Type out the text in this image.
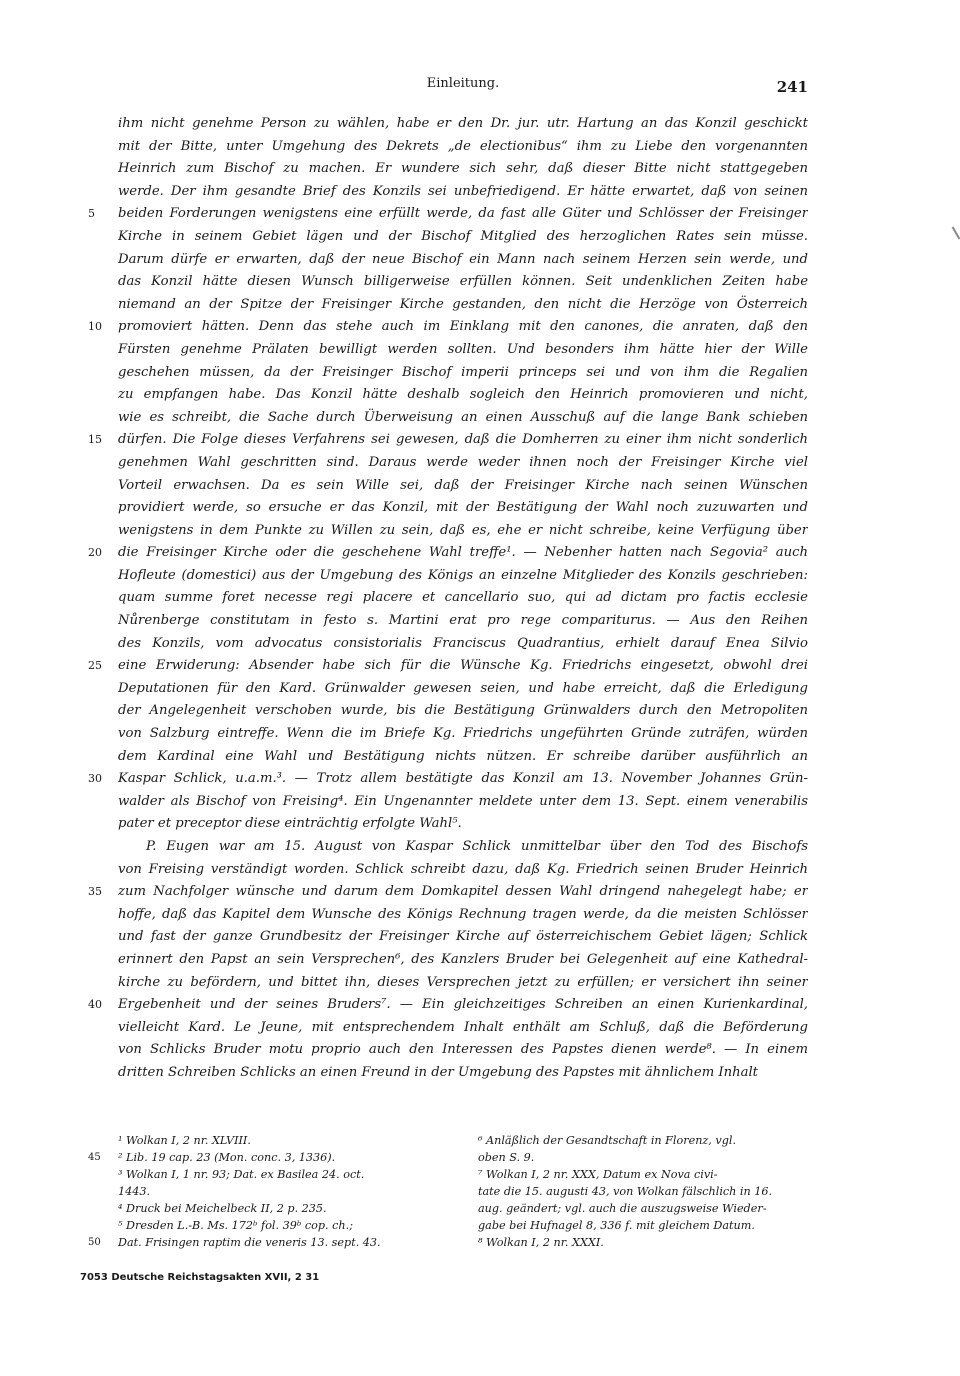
Einleitung.	241
ihm nicht genehme Person zu wählen, habe er den Dr. jur. utr. Hartung an das Konzil geschickt
mit der Bitte, unter Umgehung des Dekrets „de electionibus“ ihm zu Liebe den vorgenannten
Heinrich zum Bischof zu machen. Er wundere sich sehr, daß dieser Bitte nicht stattgegeben
werde. Der ihm gesandte Brief des Konzils sei unbefriedigend. Er hätte erwartet, daß von seinen
beiden Forderungen wenigstens eine erfüllt werde, da fast alle Güter und Schlösser der Freisinger
Kirche in seinem Gebiet lägen und der Bischof Mitglied des herzoglichen Rates sein müsse.
Darum dürfe er erwarten, daß der neue Bischof ein Mann nach seinem Herzen sein werde, und
das Konzil hätte diesen Wunsch billigerweise erfüllen können. Seit undenklichen Zeiten habe
niemand an der Spitze der Freisinger Kirche gestanden, den nicht die Herzöge von Österreich
promoviert hätten. Denn das stehe auch im Einklang mit den canones, die anraten, daß den
Fürsten genehme Prälaten bewilligt werden sollten. Und besonders ihm hätte hier der Wille
geschehen müssen, da der Freisinger Bischof imperii princeps sei und von ihm die Regalien
zu empfangen habe. Das Konzil hätte deshalb sogleich den Heinrich promovieren und nicht,
wie es schreibt, die Sache durch Überweisung an einen Ausschuß auf die lange Bank schieben
dürfen. Die Folge dieses Verfahrens sei gewesen, daß die Domherren zu einer ihm nicht sonderlich
genehmen Wahl geschritten sind. Daraus werde weder ihnen noch der Freisinger Kirche viel
Vorteil erwachsen. Da es sein Wille sei, daß der Freisinger Kirche nach seinen Wünschen
providiert werde, so ersuche er das Konzil, mit der Bestätigung der Wahl noch zuzuwarten und
wenigstens in dem Punkte zu Willen zu sein, daß es, ehe er nicht schreibe, keine Verfügung über
die Freisinger Kirche oder die geschehene Wahl treffe¹. — Nebenher hatten nach Segovia² auch
Hofleute (domestici) aus der Umgebung des Königs an einzelne Mitglieder des Konzils geschrieben:
quam summe foret necesse regi placere et cancellario suo, qui ad dictam pro factis ecclesie
Nůrenberge constitutam in festo s. Martini erat pro rege compariturus. — Aus den Reihen
des Konzils, vom advocatus consistorialis Franciscus Quadrantius, erhielt darauf Enea Silvio
eine Erwiderung: Absender habe sich für die Wünsche Kg. Friedrichs eingesetzt, obwohl drei
Deputationen für den Kard. Grünwalder gewesen seien, und habe erreicht, daß die Erledigung
der Angelegenheit verschoben wurde, bis die Bestätigung Grünwalders durch den Metropoliten
von Salzburg eintreffe. Wenn die im Briefe Kg. Friedrichs ungeführten Gründe zuträfen, würden
dem Kardinal eine Wahl und Bestätigung nichts nützen. Er schreibe darüber ausführlich an
Kaspar Schlick, u.a.m.³. — Trotz allem bestätigte das Konzil am 13. November Johannes Grün-
walder als Bischof von Freising⁴. Ein Ungenannter meldete unter dem 13. Sept. einem venerabilis
pater et preceptor diese einträchtig erfolgte Wahl⁵.
P. Eugen war am 15. August von Kaspar Schlick unmittelbar über den Tod des Bischofs
von Freising verständigt worden. Schlick schreibt dazu, daß Kg. Friedrich seinen Bruder Heinrich
zum Nachfolger wünsche und darum dem Domkapitel dessen Wahl dringend nahegelegt habe; er
hoffe, daß das Kapitel dem Wunsche des Königs Rechnung tragen werde, da die meisten Schlösser
und fast der ganze Grundbesitz der Freisinger Kirche auf österreichischem Gebiet lägen; Schlick
erinnert den Papst an sein Versprechen⁶, des Kanzlers Bruder bei Gelegenheit auf eine Kathedral-
kirche zu befördern, und bittet ihn, dieses Versprechen jetzt zu erfüllen; er versichert ihn seiner
Ergebenheit und der seines Bruders⁷. — Ein gleichzeitiges Schreiben an einen Kurienkardinal,
vielleicht Kard. Le Jeune, mit entsprechendem Inhalt enthält am Schluß, daß die Beförderung
von Schlicks Bruder motu proprio auch den Interessen des Papstes dienen werde⁸. — In einem
dritten Schreiben Schlicks an einen Freund in der Umgebung des Papstes mit ähnlichem Inhalt
5
10
15
20
25
30
35
40
¹ Wolkan I, 2 nr. XLVIII.
² Lib. 19 cap. 23 (Mon. conc. 3, 1336).
³ Wolkan I, 1 nr. 93; Dat. ex Basilea 24. oct.
1443.
⁴ Druck bei Meichelbeck II, 2 p. 235.
⁵ Dresden L.-B. Ms. 172ᵇ fol. 39ᵇ cop. ch.;
Dat. Frisingen raptim die veneris 13. sept. 43.
45
50
⁶ Anläßlich der Gesandtschaft in Florenz, vgl.
oben S. 9.
⁷ Wolkan I, 2 nr. XXX, Datum ex Nova civi-
tate die 15. augusti 43, von Wolkan fälschlich in 16.
aug. geändert; vgl. auch die auszugsweise Wieder-
gabe bei Hufnagel 8, 336 f. mit gleichem Datum.
⁸ Wolkan I, 2 nr. XXXI.
7053 Deutsche Reichstagsakten XVII, 2 31
